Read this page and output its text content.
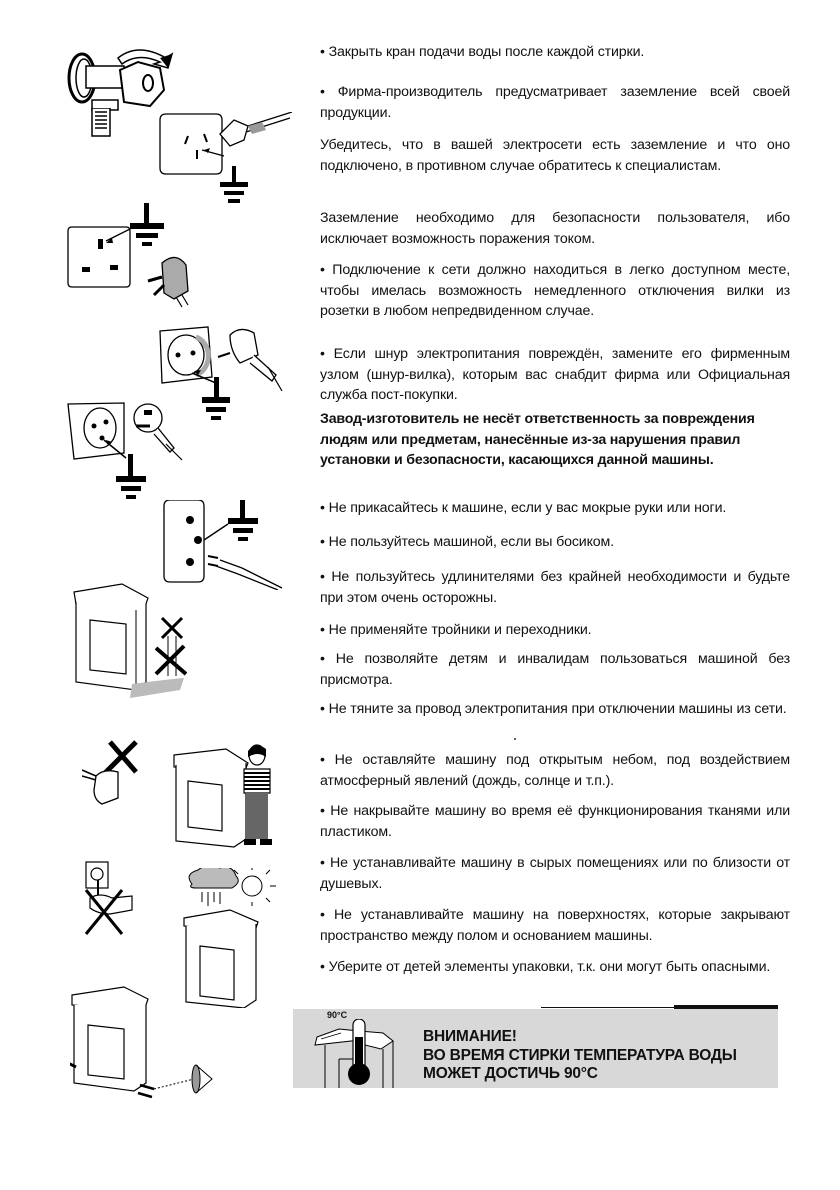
• Закрыть кран подачи воды после каждой стирки.

• Фирма-производитель предусматривает заземление всей своей продукции.

Убедитесь, что в вашей электросети есть заземление и что оно подключено, в противном случае обратитесь к специалистам.

Заземление необходимо для безопасности пользователя, ибо исключает возможность поражения током.

• Подключение к сети должно находиться в легко доступном месте, чтобы имелась возможность немедленного отключения вилки из розетки в любом непредвиденном случае.

• Если шнур электропитания повреждён, замените его фирменным узлом (шнур-вилка), которым вас снабдит фирма или Официальная служба пост-покупки.

Завод-изготовитель не несёт ответственность за повреждения людям или предметам, нанесённые из-за нарушения правил установки и безопасности, касающихся данной машины.

• Не прикасайтесь к машине, если у вас мокрые руки или ноги.

• Не пользуйтесь машиной, если вы босиком.

• Не пользуйтесь удлинителями без крайней необходимости и будьте при этом очень осторожны.

• Не применяйте тройники и переходники.

• Не позволяйте детям и инвалидам пользоваться машиной без присмотра.

• Не тяните за провод электропитания при отключении машины из сети.

• Не оставляйте машину под открытым небом, под воздействием атмосферный явлений (дождь, солнце и т.п.).

• Не накрывайте машину во время её функционирования тканями или пластиком.

• Не устанавливайте машину в сырых помещениях или по близости от душевых.

• Не устанавливайте машину на поверхностях, которые закрывают пространство между полом и основанием машины.

• Уберите от детей элементы упаковки, т.к. они могут быть опасными.

90°C
ВНИМАНИЕ!
ВО ВРЕМЯ СТИРКИ ТЕМПЕРАТУРА ВОДЫ
МОЖЕТ ДОСТИЧЬ 90°C
